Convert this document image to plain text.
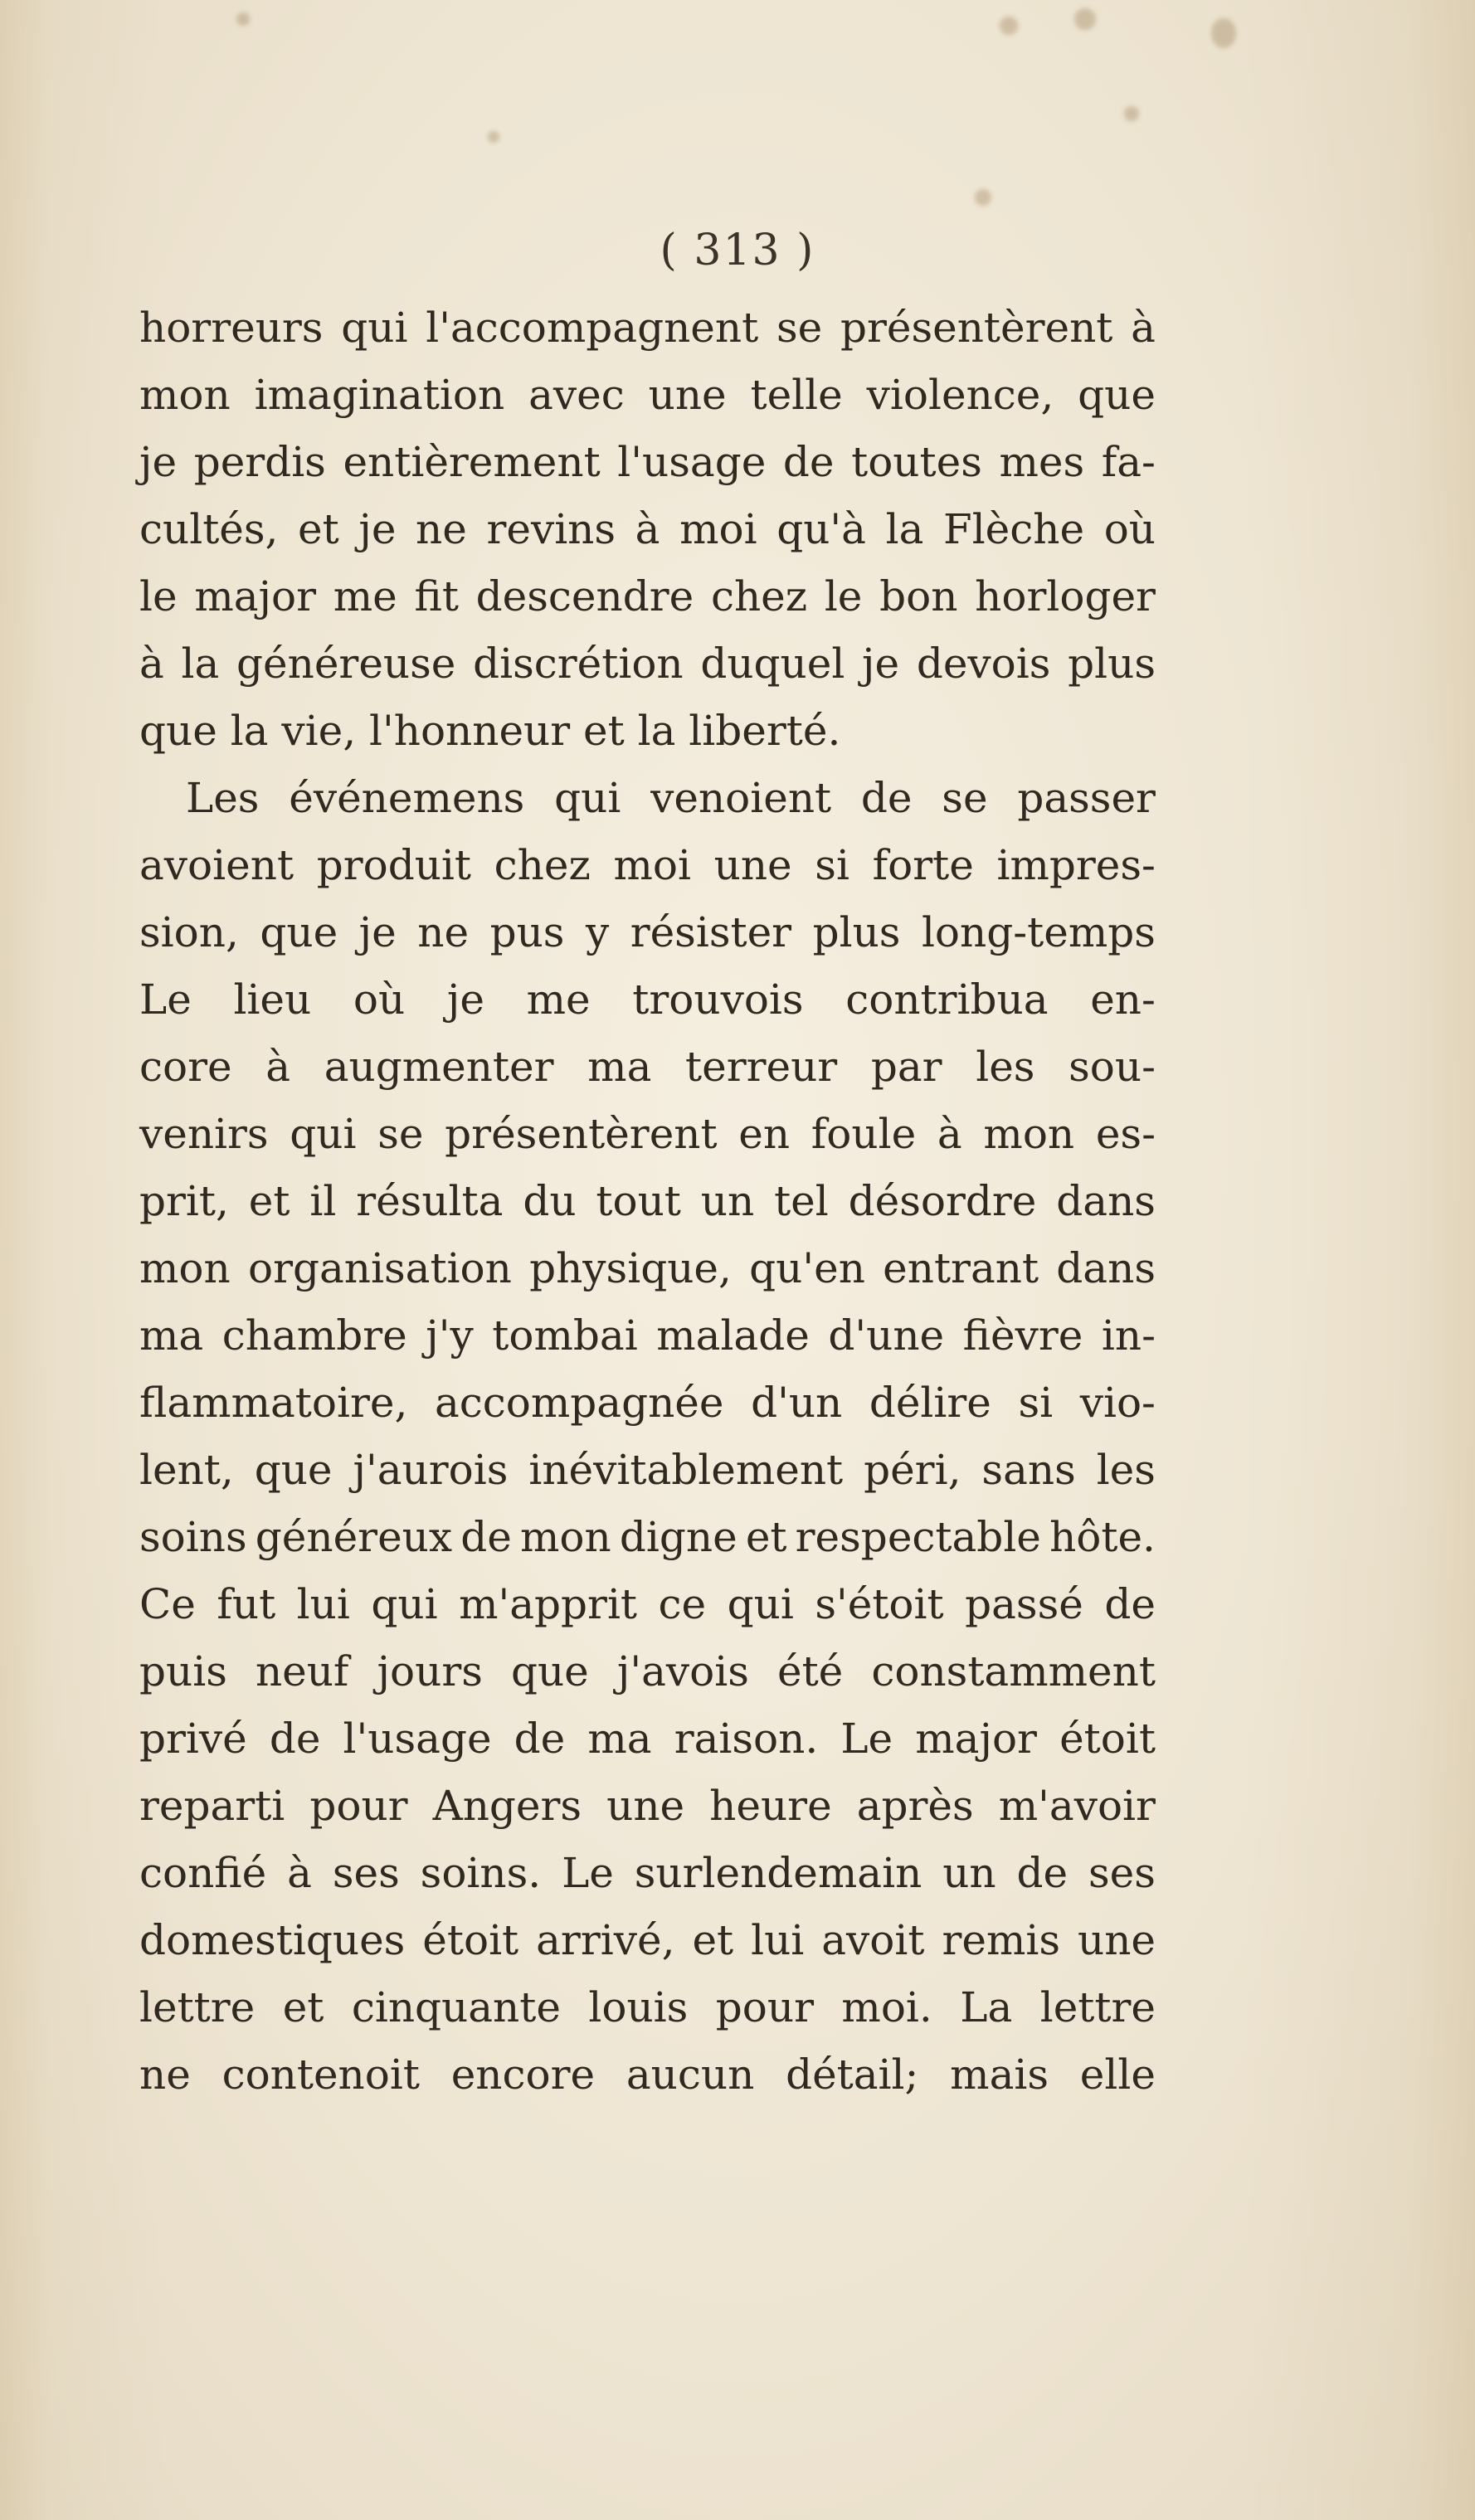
( 313 )
horreurs qui l'accompagnent se présentèrent à
mon imagination avec une telle violence, que
je perdis entièrement l'usage de toutes mes fa-
cultés, et je ne revins à moi qu'à la Flèche où
le major me fit descendre chez le bon horloger
à la généreuse discrétion duquel je devois plus
que la vie, l'honneur et la liberté.
Les événemens qui venoient de se passer
avoient produit chez moi une si forte impres-
sion, que je ne pus y résister plus long-temps
Le lieu où je me trouvois contribua en-
core à augmenter ma terreur par les sou-
venirs qui se présentèrent en foule à mon es-
prit, et il résulta du tout un tel désordre dans
mon organisation physique, qu'en entrant dans
ma chambre j'y tombai malade d'une fièvre in-
flammatoire, accompagnée d'un délire si vio-
lent, que j'aurois inévitablement péri, sans les
soins généreux de mon digne et respectable hôte.
Ce fut lui qui m'apprit ce qui s'étoit passé de
puis neuf jours que j'avois été constamment
privé de l'usage de ma raison. Le major étoit
reparti pour Angers une heure après m'avoir
confié à ses soins. Le surlendemain un de ses
domestiques étoit arrivé, et lui avoit remis une
lettre et cinquante louis pour moi. La lettre
ne contenoit encore aucun détail; mais elle
